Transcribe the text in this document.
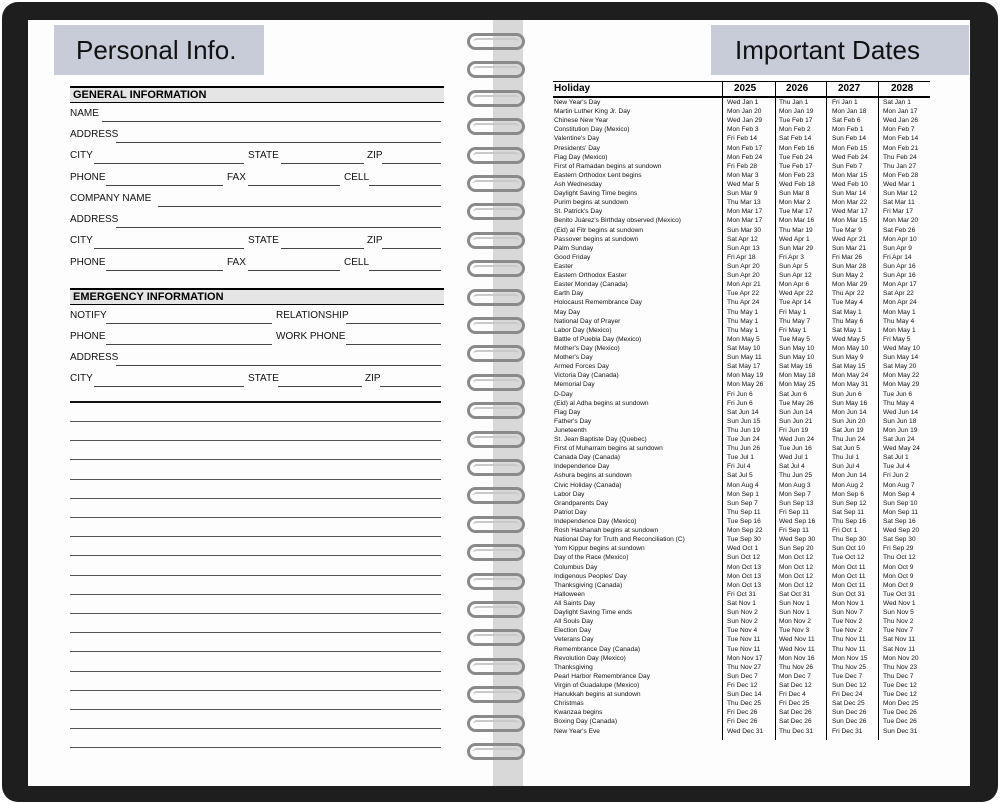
Personal Info.
GENERAL INFORMATION
NAME
ADDRESS
CITY	STATE	ZIP
PHONE	FAX	CELL
COMPANY NAME
ADDRESS
CITY	STATE	ZIP
PHONE	FAX	CELL
EMERGENCY INFORMATION
NOTIFY	RELATIONSHIP
PHONE	WORK PHONE
ADDRESS
CITY	STATE	ZIP
Important Dates
Holiday	2025	2026	2027	2028
New Year's Day	Wed Jan 1	Thu Jan 1	Fri Jan 1	Sat Jan 1
Martin Luther King Jr. Day	Mon Jan 20	Mon Jan 19	Mon Jan 18	Mon Jan 17
Chinese New Year	Wed Jan 29	Tue Feb 17	Sat Feb 6	Wed Jan 26
Constitution Day (Mexico)	Mon Feb 3	Mon Feb 2	Mon Feb 1	Mon Feb 7
Valentine's Day	Fri Feb 14	Sat Feb 14	Sun Feb 14	Mon Feb 14
Presidents' Day	Mon Feb 17	Mon Feb 16	Mon Feb 15 Mon Feb 21
Flag Day (Mexico)	Mon Feb 24	Tue Feb 24	Wed Feb 24 Thu Feb 24
First of Ramadan begins at sundown	Fri Feb 28	Tue Feb 17	Sun Feb 7	Thu Jan 27
Eastern Orthodox Lent begins	Mon Mar 3	Mon Feb 23	Mon Mar 15 Mon Feb 28
Ash Wednesday	Wed Mar 5	Wed Feb 18	Wed Feb 10 Wed Mar 1
Daylight Saving Time begins	Sun Mar 9	Sun Mar 8	Sun Mar 14	Sun Mar 12
Purim begins at sundown	Thu Mar 13	Mon Mar 2	Mon Mar 22 Sat Mar 11
St. Patrick's Day	Mon Mar 17	Tue Mar 17	Wed Mar 17 Fri Mar 17
Benito Juárez's Birthday observed (Mexico)	Mon Mar 17	Mon Mar 16	Mon Mar 15 Mon Mar 20
(Eid) al Fitr begins at sundown	Sun Mar 30	Thu Mar 19	Tue Mar 9	Sat Feb 26
Passover begins at sundown	Sat Apr 12	Wed Apr 1	Wed Apr 21	Mon Apr 10
Palm Sunday	Sun Apr 13	Sun Mar 29	Sun Mar 21	Sun Apr 9
Good Friday	Fri Apr 18	Fri Apr 3	Fri Mar 26	Fri Apr 14
Easter	Sun Apr 20	Sun Apr 5	Sun Mar 28	Sun Apr 16
Eastern Orthodox Easter	Sun Apr 20	Sun Apr 12	Sun May 2	Sun Apr 16
Easter Monday (Canada)	Mon Apr 21	Mon Apr 6	Mon Mar 29 Mon Apr 17
Earth Day	Tue Apr 22	Wed Apr 22	Thu Apr 22	Sat Apr 22
Holocaust Remembrance Day	Thu Apr 24	Tue Apr 14	Tue May 4	Mon Apr 24
May Day	Thu May 1	Fri May 1	Sat May 1	Mon May 1
National Day of Prayer	Thu May 1	Thu May 7	Thu May 6	Thu May 4
Labor Day (Mexico)	Thu May 1	Fri May 1	Sat May 1	Mon May 1
Battle of Puebla Day (Mexico)	Mon May 5	Tue May 5	Wed May 5	Fri May 5
Mother's Day (Mexico)	Sat May 10	Sun May 10	Mon May 10 Wed May 10
Mother's Day	Sun May 11	Sun May 10	Sun May 9	Sun May 14
Armed Forces Day	Sat May 17	Sat May 16	Sat May 15	Sat May 20
Victoria Day (Canada)	Mon May 19 Mon May 18	Mon May 24 Mon May 22
Memorial Day	Mon May 26 Mon May 25	Mon May 31 Mon May 29
D-Day	Fri Jun 6	Sat Jun 6	Sun Jun 6	Tue Jun 6
(Eid) al Adha begins at sundown	Fri Jun 6	Tue May 26	Sun May 16 Thu May 4
Flag Day	Sat Jun 14	Sun Jun 14	Mon Jun 14	Wed Jun 14
Father's Day	Sun Jun 15	Sun Jun 21	Sun Jun 20	Sun Jun 18
Juneteenth	Thu Jun 19	Fri Jun 19	Sat Jun 19	Mon Jun 19
St. Jean Baptiste Day (Quebec)	Tue Jun 24	Wed Jun 24	Thu Jun 24	Sat Jun 24
First of Muharram begins at sundown	Thu Jun 26	Tue Jun 16	Sat Jun 5	Wed May 24
Canada Day (Canada)	Tue Jul 1	Wed Jul 1	Thu Jul 1	Sat Jul 1
Independence Day	Fri Jul 4	Sat Jul 4	Sun Jul 4	Tue Jul 4
Ashura begins at sundown	Sat Jul 5	Thu Jun 25	Mon Jun 14	Fri Jun 2
Civic Holiday (Canada)	Mon Aug 4	Mon Aug 3	Mon Aug 2	Mon Aug 7
Labor Day	Mon Sep 1	Mon Sep 7	Mon Sep 6	Mon Sep 4
Grandparents Day	Sun Sep 7	Sun Sep 13	Sun Sep 12	Sun Sep 10
Patriot Day	Thu Sep 11	Fri Sep 11	Sat Sep 11	Mon Sep 11
Independence Day (Mexico)	Tue Sep 16	Wed Sep 16	Thu Sep 16	Sat Sep 16
Rosh Hashanah begins at sundown	Mon Sep 22 Fri Sep 11	Fri Oct 1	Wed Sep 20
National Day for Truth and Reconciliation (C)	Tue Sep 30	Wed Sep 30	Thu Sep 30	Sat Sep 30
Yom Kippur begins at sundown	Wed Oct 1	Sun Sep 20	Sun Oct 10	Fri Sep 29
Day of the Race (Mexico)	Sun Oct 12	Mon Oct 12	Tue Oct 12	Thu Oct 12
Columbus Day	Mon Oct 13	Mon Oct 12	Mon Oct 11	Mon Oct 9
Indigenous Peoples' Day	Mon Oct 13	Mon Oct 12	Mon Oct 11	Mon Oct 9
Thanksgiving (Canada)	Mon Oct 13	Mon Oct 12	Mon Oct 11	Mon Oct 9
Halloween	Fri Oct 31	Sat Oct 31	Sun Oct 31	Tue Oct 31
All Saints Day	Sat Nov 1	Sun Nov 1	Mon Nov 1	Wed Nov 1
Daylight Saving Time ends	Sun Nov 2	Sun Nov 1	Sun Nov 7	Sun Nov 5
All Souls Day	Sun Nov 2	Mon Nov 2	Tue Nov 2	Thu Nov 2
Election Day	Tue Nov 4	Tue Nov 3	Tue Nov 2	Tue Nov 7
Veterans Day	Tue Nov 11	Wed Nov 11	Thu Nov 11	Sat Nov 11
Remembrance Day (Canada)	Tue Nov 11	Wed Nov 11	Thu Nov 11	Sat Nov 11
Revolution Day (Mexico)	Mon Nov 17 Mon Nov 16	Mon Nov 15 Mon Nov 20
Thanksgiving	Thu Nov 27	Thu Nov 26	Thu Nov 25	Thu Nov 23
Pearl Harbor Remembrance Day	Sun Dec 7	Mon Dec 7	Tue Dec 7	Thu Dec 7
Virgin of Guadalupe (Mexico)	Fri Dec 12	Sat Dec 12	Sun Dec 12	Tue Dec 12
Hanukkah begins at sundown	Sun Dec 14	Fri Dec 4	Fri Dec 24	Tue Dec 12
Christmas	Thu Dec 25	Fri Dec 25	Sat Dec 25	Mon Dec 25
Kwanzaa begins	Fri Dec 26	Sat Dec 26	Sun Dec 26	Tue Dec 26
Boxing Day (Canada)	Fri Dec 26	Sat Dec 26	Sun Dec 26	Tue Dec 26
New Year's Eve	Wed Dec 31 Thu Dec 31	Fri Dec 31	Sun Dec 31
